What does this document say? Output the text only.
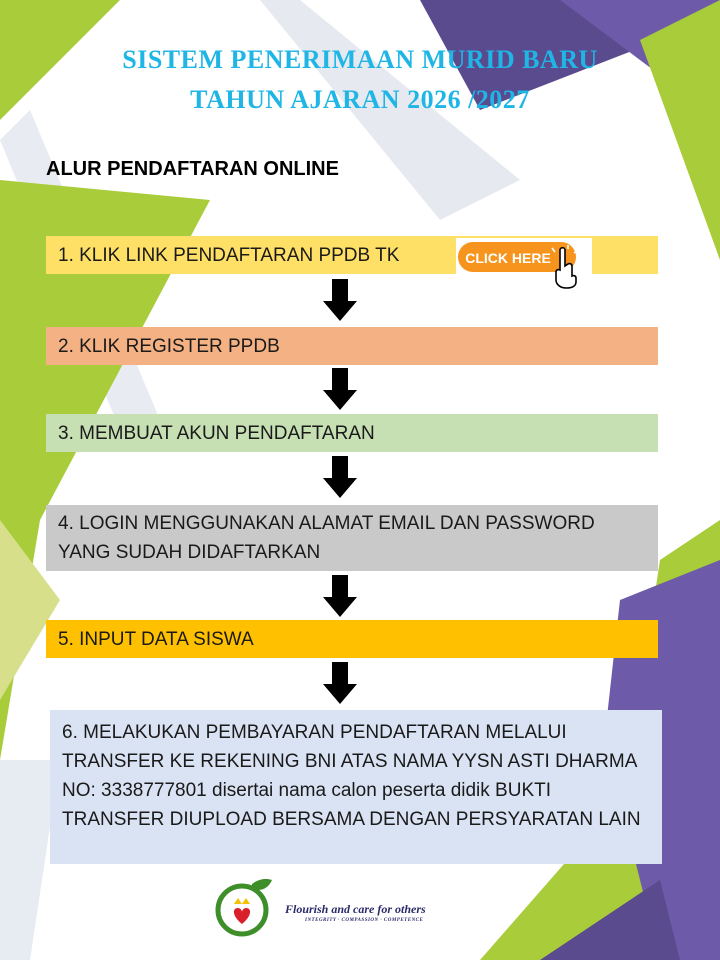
SISTEM PENERIMAAN MURID BARU
TAHUN AJARAN 2026 /2027
ALUR PENDAFTARAN ONLINE
1. KLIK LINK PENDAFTARAN PPDB TK	CLICK HERE
2. KLIK REGISTER PPDB
3. MEMBUAT AKUN PENDAFTARAN
4. LOGIN MENGGUNAKAN ALAMAT EMAIL DAN PASSWORD YANG SUDAH DIDAFTARKAN
5. INPUT DATA SISWA
6. MELAKUKAN PEMBAYARAN PENDAFTARAN MELALUI TRANSFER KE REKENING BNI ATAS NAMA YYSN ASTI DHARMA NO: 3338777801 disertai nama calon peserta didik BUKTI TRANSFER DIUPLOAD BERSAMA DENGAN PERSYARATAN LAIN
Flourish and care for others
INTEGRITY · COMPASSION · COMPETENCE
